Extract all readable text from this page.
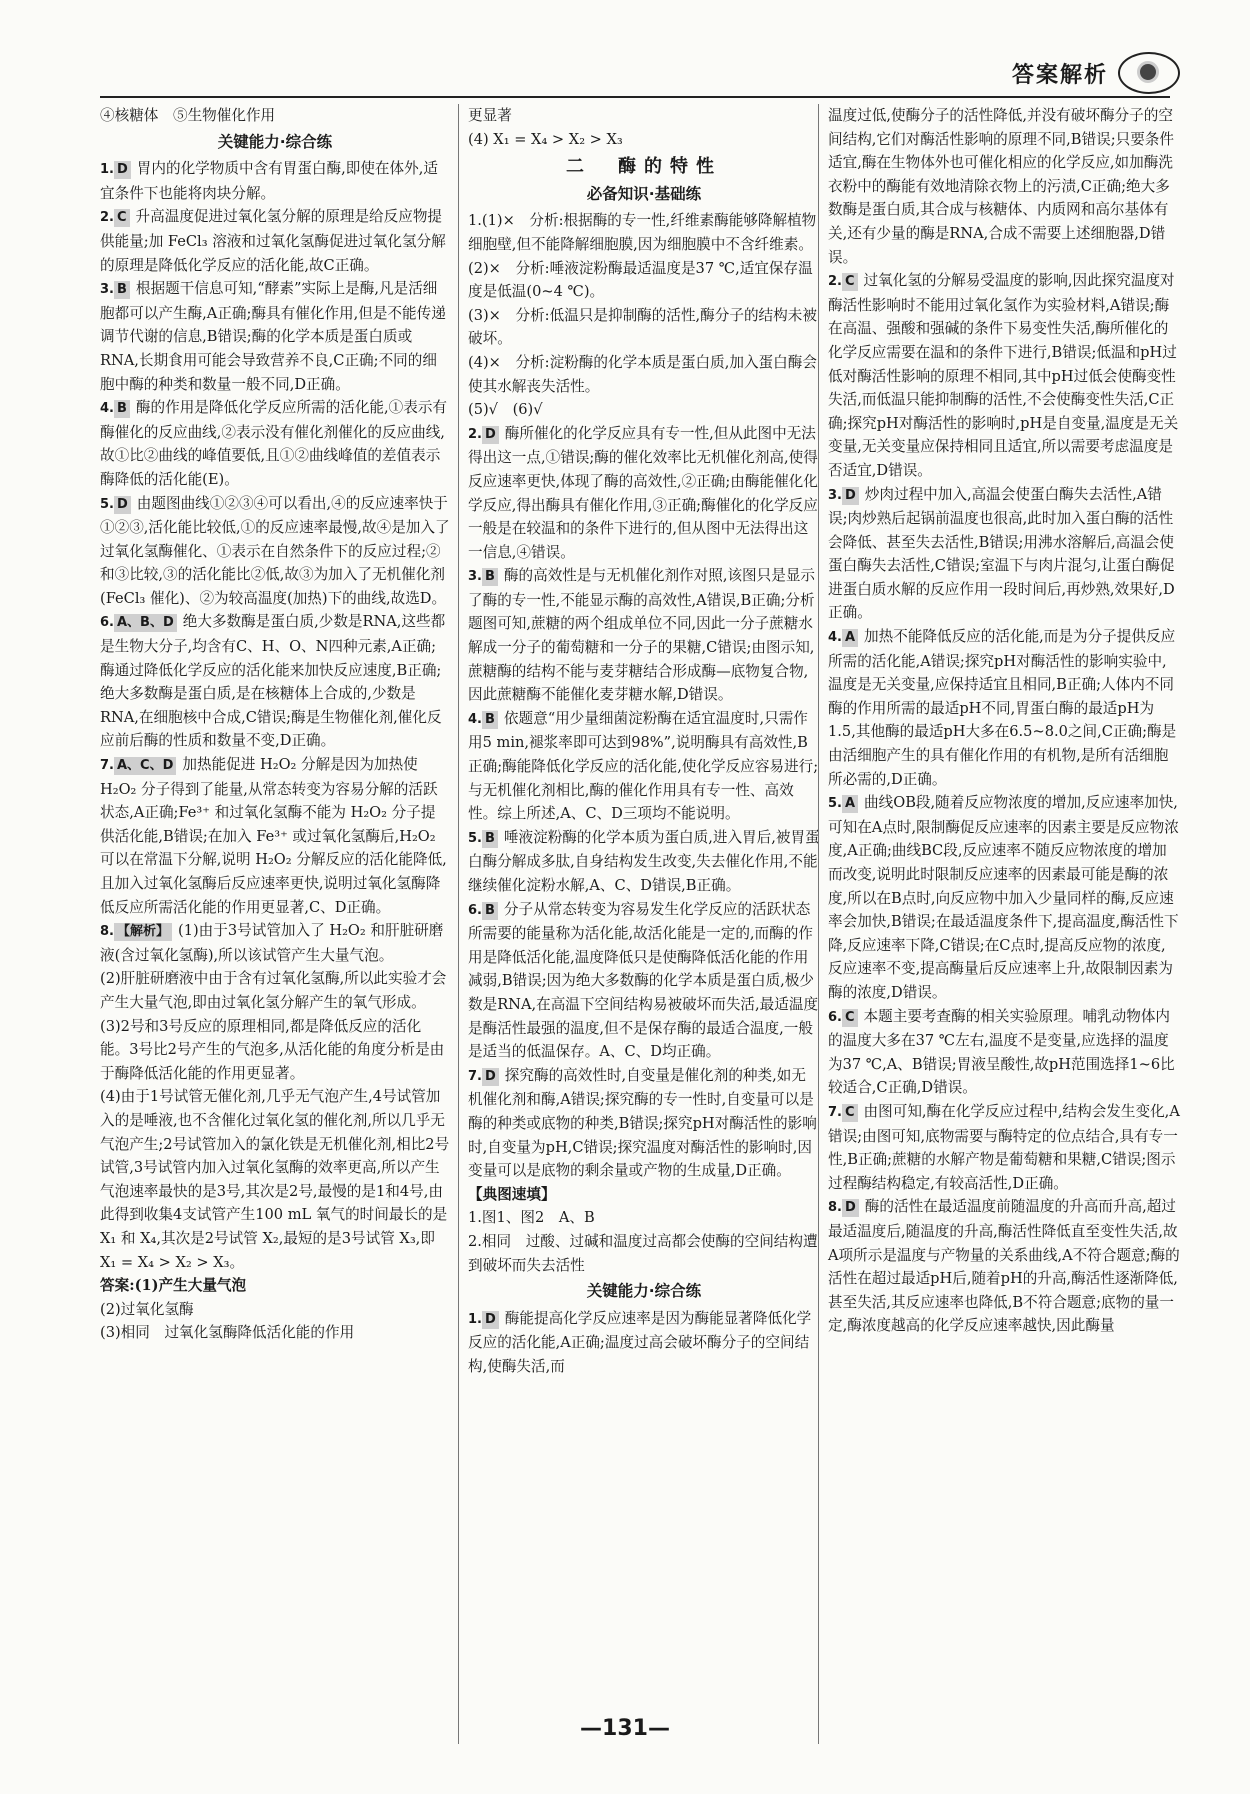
答案解析

④核糖体　⑤生物催化作用

关键能力·综合练

1. D 胃内的化学物质中含有胃蛋白酶,即使在体外,适宜条件下也能将肉块分解。

2. C 升高温度促进过氧化氢分解的原理是给反应物提供能量;加 FeCl₃ 溶液和过氧化氢酶促进过氧化氢分解的原理是降低化学反应的活化能,故C正确。

3. B 根据题干信息可知,“酵素”实际上是酶,凡是活细胞都可以产生酶,A正确;酶具有催化作用,但是不能传递调节代谢的信息,B错误;酶的化学本质是蛋白质或RNA,长期食用可能会导致营养不良,C正确;不同的细胞中酶的种类和数量一般不同,D正确。

4. B 酶的作用是降低化学反应所需的活化能,①表示有酶催化的反应曲线,②表示没有催化剂催化的反应曲线,故①比②曲线的峰值要低,且①②曲线峰值的差值表示酶降低的活化能(E)。

5. D 由题图曲线①②③④可以看出,④的反应速率快于①②③,活化能比较低,①的反应速率最慢,故④是加入了过氧化氢酶催化、①表示在自然条件下的反应过程;②和③比较,③的活化能比②低,故③为加入了无机催化剂(FeCl₃ 催化)、②为较高温度(加热)下的曲线,故选D。

6. A、B、D 绝大多数酶是蛋白质,少数是RNA,这些都是生物大分子,均含有C、H、O、N四种元素,A正确;酶通过降低化学反应的活化能来加快反应速度,B正确;绝大多数酶是蛋白质,是在核糖体上合成的,少数是RNA,在细胞核中合成,C错误;酶是生物催化剂,催化反应前后酶的性质和数量不变,D正确。

7. A、C、D 加热能促进 H₂O₂ 分解是因为加热使 H₂O₂ 分子得到了能量,从常态转变为容易分解的活跃状态,A正确;Fe³⁺ 和过氧化氢酶不能为 H₂O₂ 分子提供活化能,B错误;在加入 Fe³⁺ 或过氧化氢酶后,H₂O₂ 可以在常温下分解,说明 H₂O₂ 分解反应的活化能降低,且加入过氧化氢酶后反应速率更快,说明过氧化氢酶降低反应所需活化能的作用更显著,C、D正确。

8. 【解析】 (1)由于3号试管加入了 H₂O₂ 和肝脏研磨液(含过氧化氢酶),所以该试管产生大量气泡。

(2)肝脏研磨液中由于含有过氧化氢酶,所以此实验才会产生大量气泡,即由过氧化氢分解产生的氧气形成。

(3)2号和3号反应的原理相同,都是降低反应的活化能。3号比2号产生的气泡多,从活化能的角度分析是由于酶降低活化能的作用更显著。

(4)由于1号试管无催化剂,几乎无气泡产生,4号试管加入的是唾液,也不含催化过氧化氢的催化剂,所以几乎无气泡产生;2号试管加入的氯化铁是无机催化剂,相比2号试管,3号试管内加入过氧化氢酶的效率更高,所以产生气泡速率最快的是3号,其次是2号,最慢的是1和4号,由此得到收集4支试管产生100 mL 氧气的时间最长的是 X₁ 和 X₄,其次是2号试管 X₂,最短的是3号试管 X₃,即 X₁ = X₄ > X₂ > X₃。

答案:(1)产生大量气泡

(2)过氧化氢酶

(3)相同　过氧化氢酶降低活化能的作用

更显著

(4) X₁ = X₄ > X₂ > X₃

二　酶的特性

必备知识·基础练

1.(1)×　分析:根据酶的专一性,纤维素酶能够降解植物细胞壁,但不能降解细胞膜,因为细胞膜中不含纤维素。

(2)×　分析:唾液淀粉酶最适温度是37 ℃,适宜保存温度是低温(0~4 ℃)。

(3)×　分析:低温只是抑制酶的活性,酶分子的结构未被破坏。

(4)×　分析:淀粉酶的化学本质是蛋白质,加入蛋白酶会使其水解丧失活性。

(5)√　(6)√

2. D 酶所催化的化学反应具有专一性,但从此图中无法得出这一点,①错误;酶的催化效率比无机催化剂高,使得反应速率更快,体现了酶的高效性,②正确;由酶能催化化学反应,得出酶具有催化作用,③正确;酶催化的化学反应一般是在较温和的条件下进行的,但从图中无法得出这一信息,④错误。

3. B 酶的高效性是与无机催化剂作对照,该图只是显示了酶的专一性,不能显示酶的高效性,A错误,B正确;分析题图可知,蔗糖的两个组成单位不同,因此一分子蔗糖水解成一分子的葡萄糖和一分子的果糖,C错误;由图示知,蔗糖酶的结构不能与麦芽糖结合形成酶—底物复合物,因此蔗糖酶不能催化麦芽糖水解,D错误。

4. B 依题意“用少量细菌淀粉酶在适宜温度时,只需作用5 min,褪浆率即可达到98%”,说明酶具有高效性,B正确;酶能降低化学反应的活化能,使化学反应容易进行;与无机催化剂相比,酶的催化作用具有专一性、高效性。综上所述,A、C、D三项均不能说明。

5. B 唾液淀粉酶的化学本质为蛋白质,进入胃后,被胃蛋白酶分解成多肽,自身结构发生改变,失去催化作用,不能继续催化淀粉水解,A、C、D错误,B正确。

6. B 分子从常态转变为容易发生化学反应的活跃状态所需要的能量称为活化能,故活化能是一定的,而酶的作用是降低活化能,温度降低只是使酶降低活化能的作用减弱,B错误;因为绝大多数酶的化学本质是蛋白质,极少数是RNA,在高温下空间结构易被破坏而失活,最适温度是酶活性最强的温度,但不是保存酶的最适合温度,一般是适当的低温保存。A、C、D均正确。

7. D 探究酶的高效性时,自变量是催化剂的种类,如无机催化剂和酶,A错误;探究酶的专一性时,自变量可以是酶的种类或底物的种类,B错误;探究pH对酶活性的影响时,自变量为pH,C错误;探究温度对酶活性的影响时,因变量可以是底物的剩余量或产物的生成量,D正确。

【典图速填】

1.图1、图2　A、B

2.相同　过酸、过碱和温度过高都会使酶的空间结构遭到破坏而失去活性

关键能力·综合练

1. D 酶能提高化学反应速率是因为酶能显著降低化学反应的活化能,A正确;温度过高会破坏酶分子的空间结构,使酶失活,而

温度过低,使酶分子的活性降低,并没有破坏酶分子的空间结构,它们对酶活性影响的原理不同,B错误;只要条件适宜,酶在生物体外也可催化相应的化学反应,如加酶洗衣粉中的酶能有效地清除衣物上的污渍,C正确;绝大多数酶是蛋白质,其合成与核糖体、内质网和高尔基体有关,还有少量的酶是RNA,合成不需要上述细胞器,D错误。

2. C 过氧化氢的分解易受温度的影响,因此探究温度对酶活性影响时不能用过氧化氢作为实验材料,A错误;酶在高温、强酸和强碱的条件下易变性失活,酶所催化的化学反应需要在温和的条件下进行,B错误;低温和pH过低对酶活性影响的原理不相同,其中pH过低会使酶变性失活,而低温只能抑制酶的活性,不会使酶变性失活,C正确;探究pH对酶活性的影响时,pH是自变量,温度是无关变量,无关变量应保持相同且适宜,所以需要考虑温度是否适宜,D错误。

3. D 炒肉过程中加入,高温会使蛋白酶失去活性,A错误;肉炒熟后起锅前温度也很高,此时加入蛋白酶的活性会降低、甚至失去活性,B错误;用沸水溶解后,高温会使蛋白酶失去活性,C错误;室温下与肉片混匀,让蛋白酶促进蛋白质水解的反应作用一段时间后,再炒熟,效果好,D正确。

4. A 加热不能降低反应的活化能,而是为分子提供反应所需的活化能,A错误;探究pH对酶活性的影响实验中,温度是无关变量,应保持适宜且相同,B正确;人体内不同酶的作用所需的最适pH不同,胃蛋白酶的最适pH为1.5,其他酶的最适pH大多在6.5~8.0之间,C正确;酶是由活细胞产生的具有催化作用的有机物,是所有活细胞所必需的,D正确。

5. A 曲线OB段,随着反应物浓度的增加,反应速率加快,可知在A点时,限制酶促反应速率的因素主要是反应物浓度,A正确;曲线BC段,反应速率不随反应物浓度的增加而改变,说明此时限制反应速率的因素最可能是酶的浓度,所以在B点时,向反应物中加入少量同样的酶,反应速率会加快,B错误;在最适温度条件下,提高温度,酶活性下降,反应速率下降,C错误;在C点时,提高反应物的浓度,反应速率不变,提高酶量后反应速率上升,故限制因素为酶的浓度,D错误。

6. C 本题主要考查酶的相关实验原理。哺乳动物体内的温度大多在37 ℃左右,温度不是变量,应选择的温度为37 ℃,A、B错误;胃液呈酸性,故pH范围选择1~6比较适合,C正确,D错误。

7. C 由图可知,酶在化学反应过程中,结构会发生变化,A错误;由图可知,底物需要与酶特定的位点结合,具有专一性,B正确;蔗糖的水解产物是葡萄糖和果糖,C错误;图示过程酶结构稳定,有较高活性,D正确。

8. D 酶的活性在最适温度前随温度的升高而升高,超过最适温度后,随温度的升高,酶活性降低直至变性失活,故A项所示是温度与产物量的关系曲线,A不符合题意;酶的活性在超过最适pH后,随着pH的升高,酶活性逐渐降低,甚至失活,其反应速率也降低,B不符合题意;底物的量一定,酶浓度越高的化学反应速率越快,因此酶量

—131—
